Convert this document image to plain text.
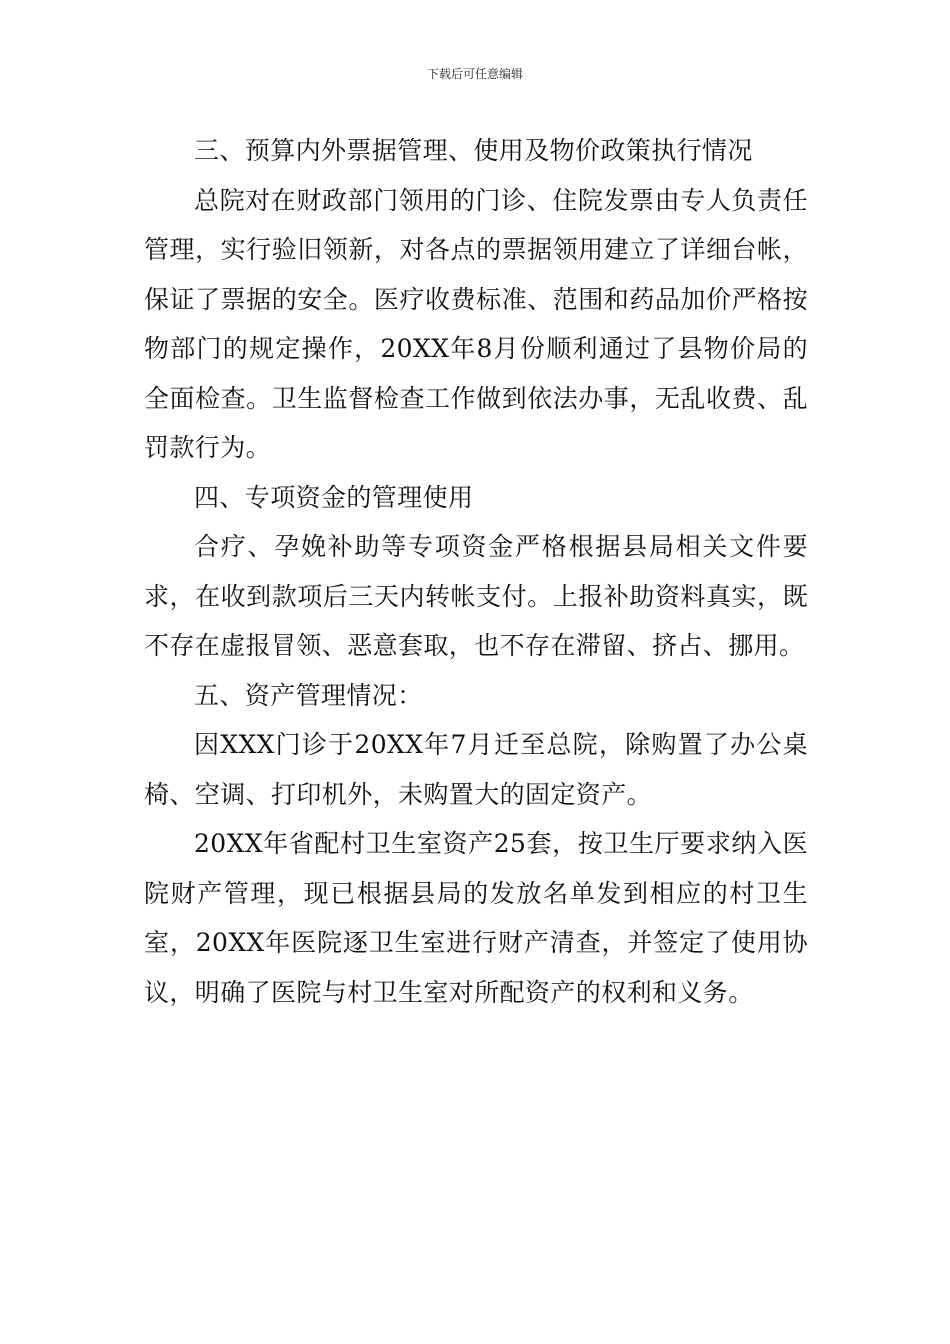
下载后可任意编辑

三、预算内外票据管理、使用及物价政策执行情况

总院对在财政部门领用的门诊、住院发票由专人负责任管理，实行验旧领新，对各点的票据领用建立了详细台帐，保证了票据的安全。医疗收费标准、范围和药品加价严格按物部门的规定操作，20XX年8月份顺利通过了县物价局的全面检查。卫生监督检查工作做到依法办事，无乱收费、乱罚款行为。

四、专项资金的管理使用

合疗、孕娩补助等专项资金严格根据县局相关文件要求，在收到款项后三天内转帐支付。上报补助资料真实，既不存在虚报冒领、恶意套取，也不存在滞留、挤占、挪用。

五、资产管理情况：

因XXX门诊于20XX年7月迁至总院，除购置了办公桌椅、空调、打印机外，未购置大的固定资产。

20XX年省配村卫生室资产25套，按卫生厅要求纳入医院财产管理，现已根据县局的发放名单发到相应的村卫生室，20XX年医院逐卫生室进行财产清查，并签定了使用协议，明确了医院与村卫生室对所配资产的权利和义务。
